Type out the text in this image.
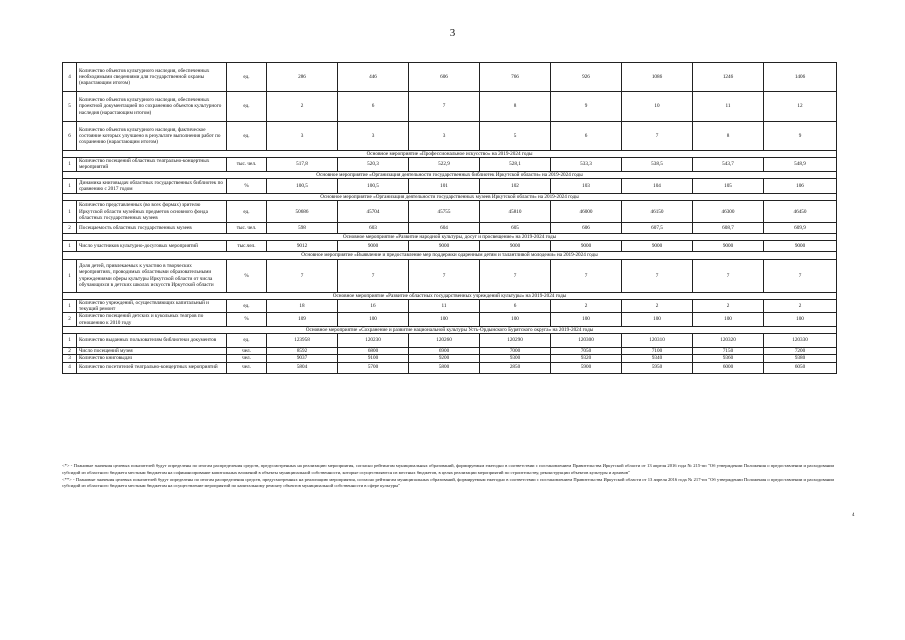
3
4	Количество объектов культурного наследия, обеспеченных необходимыми сведениями для государственной охраны (нарастающим итогом)	ед.	286	446	606	766	926	1086	1246	1406
5	Количество объектов культурного наследия, обеспеченных проектной документацией по сохранению объектов культурного наследия (нарастающим итогом)	ед.	2	6	7	8	9	10	11	12
6	Количество объектов культурного наследия, фактическое состояние которых улучшено в результате выполнения работ по сохранению (нарастающим итогом)	ед.	3	3	3	5	6	7	8	9
Основное мероприятие «Профессиональное искусство» на 2019-2024 годы										
1	Количество посещений областных театрально-концертных мероприятий	тыс. чел.	517,8	520,3	522,9	528,1	533,3	538,5	543,7	548,9
Основное мероприятие «Организация деятельности государственных библиотек Иркутской области» на 2019-2024 годы										
1	Динамика книговыдач областных государственных библиотек по сравнению с 2017 годом	%	100,5	100,5	101	102	103	104	105	106
Основное мероприятие «Организация деятельности государственных музеев Иркутской области» на 2019-2024 годы										
1	Количество представленных (во всех формах) зрителю Иркутской области музейных предметов основного фонда областных государственных музеев	ед.	50686	45704	45755	45810	46000	46150	46300	46450
2	Посещаемость областных государственных музеев	тыс. чел.	598	603	604	605	606	607,5	608,7	609,9
Основное мероприятие «Развитие народной культуры, досуг и просвещение» на 2019-2024 годы										
1	Число участников культурно-досуговых мероприятий	тыс.чел.	9012	9000	9000	9000	9000	9000	9000	9000
Основное мероприятие «Выявление и предоставление мер поддержки одаренным детям и талантливой молодежи» на 2019-2024 годы										
1	Доля детей, привлекаемых к участию в творческих мероприятиях, проводимых областными образовательными учреждениями сферы культуры Иркутской области от числа обучающихся в детских школах искусств Иркутской области	%	7	7	7	7	7	7	7	7
Основное мероприятие «Развитие областных государственных учреждений культуры» на 2019-2024 годы										
1	Количество учреждений, осуществляющих капитальный и текущий ремонт	ед.	18	16	11	6	2	2	2	2
2	Количество посещений детских и кукольных театров по отношению к 2010 году	%	109	100	100	100	100	100	100	100
Основное мероприятие «Сохранение и развитие национальной культуры Усть-Ордынского Бурятского округа» на 2019-2024 годы										
1	Количество выданных пользователям библиотеки документов	ед.	123958	120230	120260	120290	120300	120310	120320	120330
2	Число посещений музея	чел.	8592	6800	6900	7000	7050	7100	7150	7200
3	Количество книговыдач	чел.	9037	9100	9200	9300	9320	9340	9360	9380
4	Количество посетителей театрально-концертных мероприятий	чел.	5804	5700	5800	2850	5900	5950	6000	6050

<*> - Плановые значения целевых показателей будут определены по итогам распределения средств, предусмотренных на реализацию мероприятия, согласно рейтингам муниципальных образований, формируемым ежегодно в соответствии с постановлением Правительства Иркутской области от 13 апреля 2016 года № 215-пп "Об утверждении Положения о предоставлении и расходовании субсидий из областного бюджета местным бюджетам на софинансирование капитальных вложений в объекты муниципальной собственности, которые осуществляются из местных бюджетов, в целях реализации мероприятий по строительству, реконструкции объектов культуры и архивов"

<**> - Плановые значения целевых показателей будут определены по итогам распределения средств, предусмотренных на реализацию мероприятия, согласно рейтингам муниципальных образований, формируемым ежегодно в соответствии с постановлением Правительства Иркутской области от 13 апреля 2016 года № 217-пп "Об утверждении Положения о предоставлении и расходовании субсидий из областного бюджета местным бюджетам на осуществление мероприятий по капитальному ремонту объектов муниципальной собственности в сфере культуры"

4
